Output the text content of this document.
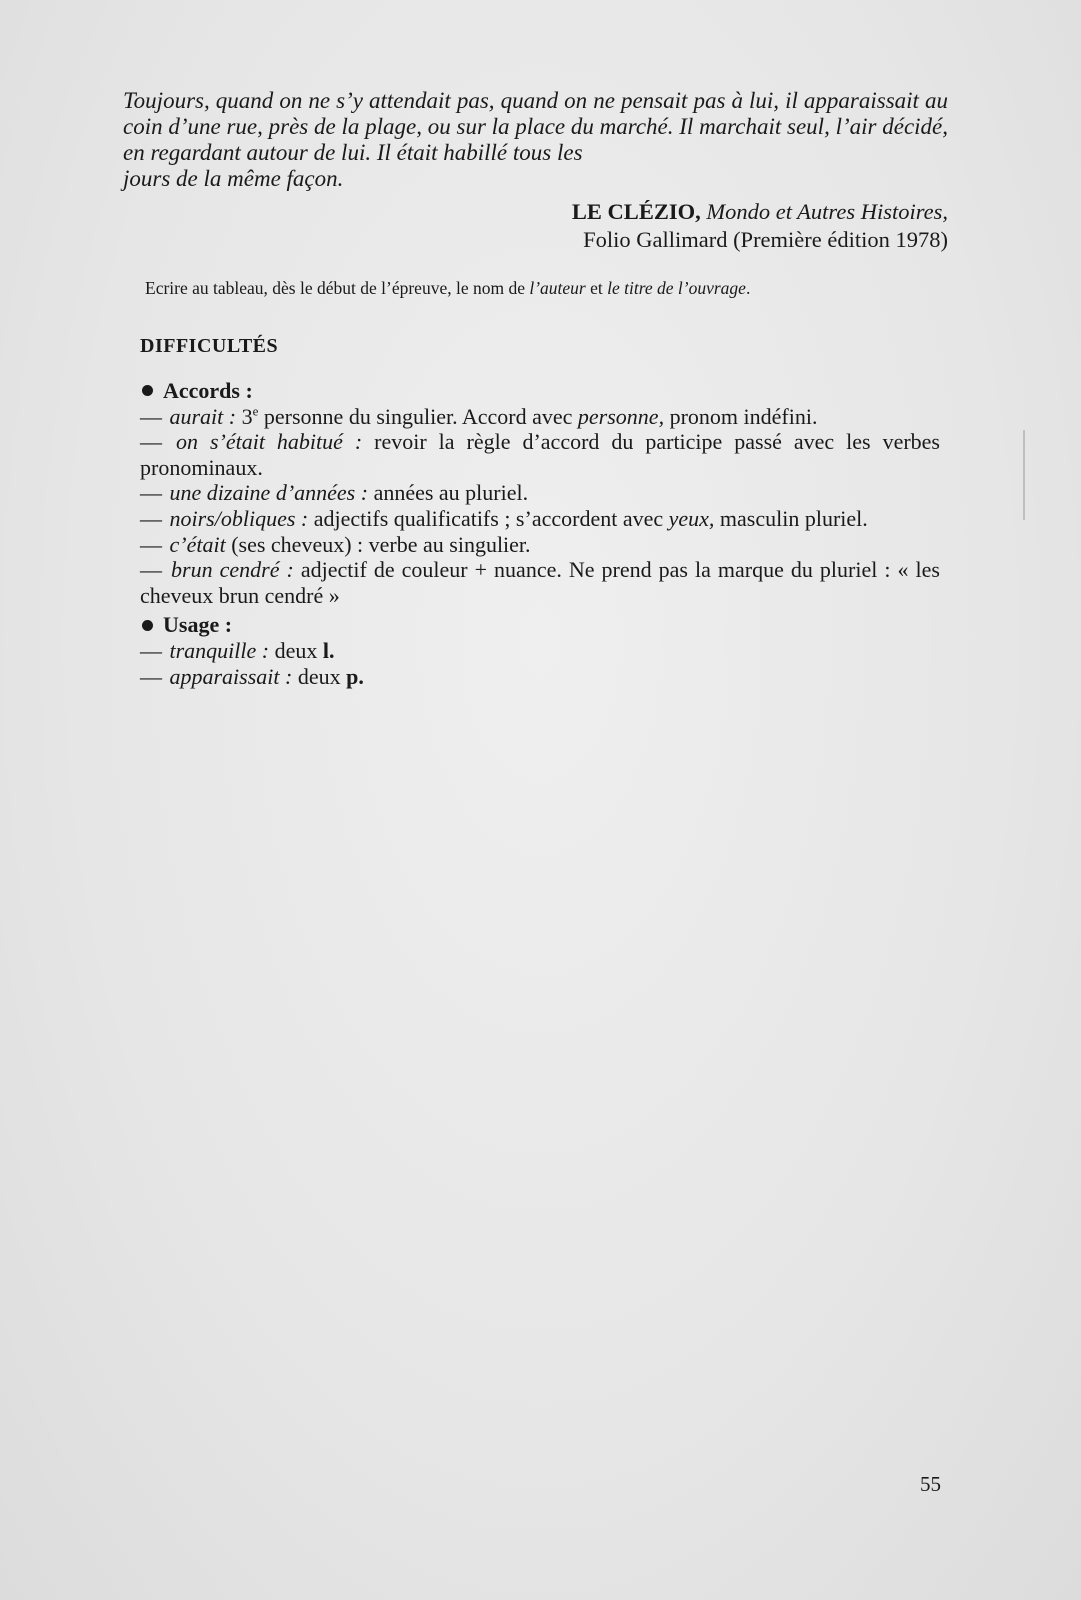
Toujours, quand on ne s’y attendait pas, quand on ne pensait pas à lui, il apparaissait au coin d’une rue, près de la plage, ou sur la place du marché. Il marchait seul, l’air décidé, en regardant autour de lui. Il était habillé tous les

jours de la même façon.

LE CLÉZIO, Mondo et Autres Histoires,
Folio Gallimard (Première édition 1978)
Ecrire au tableau, dès le début de l’épreuve, le nom de l’auteur et le titre de l’ouvrage.
DIFFICULTÉS
Accords :
— aurait : 3e personne du singulier. Accord avec personne, pronom indéfini.
— on s’était habitué : revoir la règle d’accord du participe passé avec les verbes pronominaux.
— une dizaine d’années : années au pluriel.
— noirs/obliques : adjectifs qualificatifs ; s’accordent avec yeux, masculin pluriel.
— c’était (ses cheveux) : verbe au singulier.
— brun cendré : adjectif de couleur + nuance. Ne prend pas la marque du pluriel : « les cheveux brun cendré »
Usage :
— tranquille : deux l.
— apparaissait : deux p.
55
